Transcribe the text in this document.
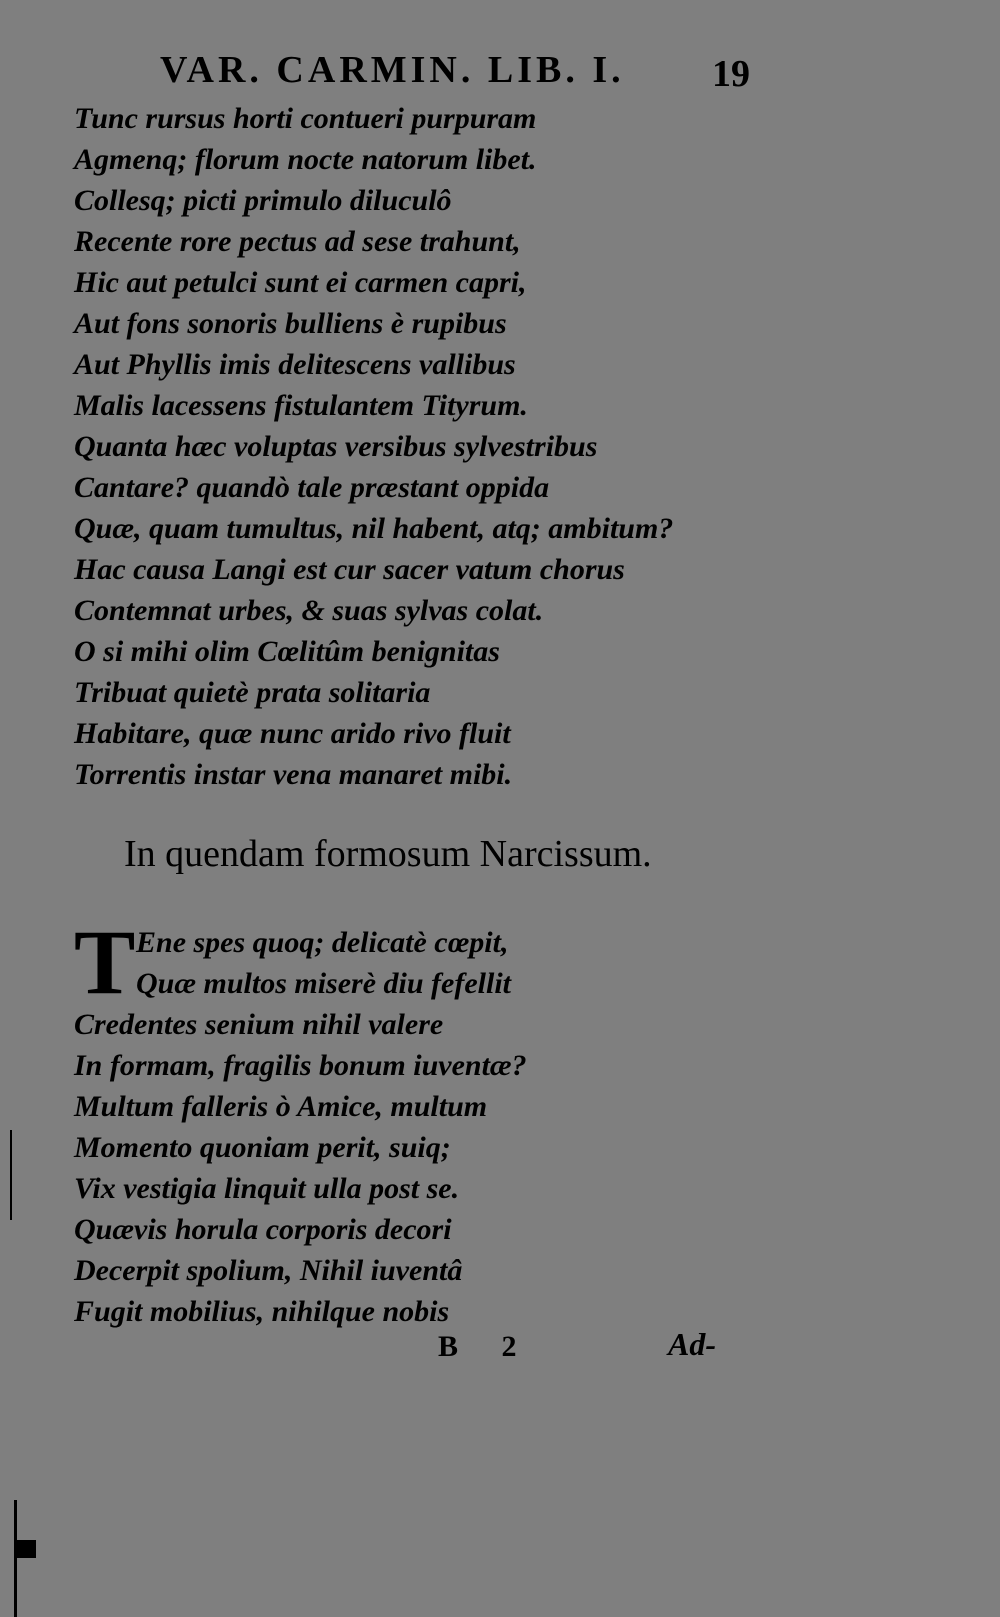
VAR. CARMIN. LIB. I.	19
Tunc rursus horti contueri purpuram
Agmenq; florum nocte natorum libet.
Collesq; picti primulo diluculô
Recente rore pectus ad sese trahunt,
Hic aut petulci sunt ei carmen capri,
Aut fons sonoris bulliens è rupibus
Aut Phyllis imis delitescens vallibus
Malis lacessens fistulantem Tityrum.
Quanta hæc voluptas versibus sylvestribus
Cantare? quandò tale præstant oppida
Quæ, quam tumultus, nil habent, atq; ambitum?
Hac causa Langi est cur sacer vatum chorus
Contemnat urbes, & suas sylvas colat.
O si mihi olim Cœlitûm benignitas
Tribuat quietè prata solitaria
Habitare, quæ nunc arido rivo fluit
Torrentis instar vena manaret mibi.
In quendam formosum Narcissum.
T Ene spes quoq; delicatè cœpit,
Quæ multos miserè diu fefellit
Credentes senium nihil valere
In formam, fragilis bonum iuventæ?
Multum falleris ò Amice, multum
Momento quoniam perit, suiq;
Vix vestigia linquit ulla post se.
Quævis horula corporis decori
Decerpit spolium, Nihil iuventâ
Fugit mobilius, nihilque nobis
B 2	Ad-
